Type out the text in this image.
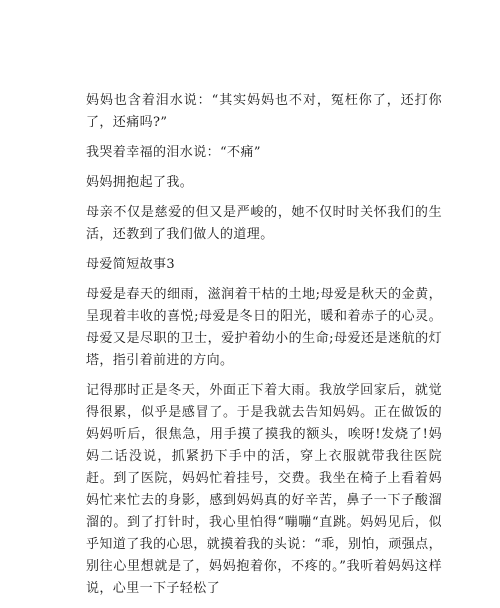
妈妈也含着泪水说：“其实妈妈也不对，冤枉你了，还打你了，还痛吗?”

我哭着幸福的泪水说：“不痛”

妈妈拥抱起了我。

母亲不仅是慈爱的但又是严峻的，她不仅时时关怀我们的生活，还教到了我们做人的道理。

母爱简短故事3

母爱是春天的细雨，滋润着干枯的土地;母爱是秋天的金黄，呈现着丰收的喜悦;母爱是冬日的阳光，暖和着赤子的心灵。母爱又是尽职的卫士，爱护着幼小的生命;母爱还是迷航的灯塔，指引着前进的方向。

记得那时正是冬天，外面正下着大雨。我放学回家后，就觉得很累，似乎是感冒了。于是我就去告知妈妈。正在做饭的妈妈听后，很焦急，用手摸了摸我的额头，唉呀!发烧了!妈妈二话没说，抓紧扔下手中的活，穿上衣服就带我往医院赶。到了医院，妈妈忙着挂号，交费。我坐在椅子上看着妈妈忙来忙去的身影，感到妈妈真的好辛苦，鼻子一下子酸溜溜的。到了打针时，我心里怕得“嘣嘣“直跳。妈妈见后，似乎知道了我的心思，就摸着我的头说：“乖，别怕，顽强点，别往心里想就是了，妈妈抱着你，不疼的。”我听着妈妈这样说，心里一下子轻松了
